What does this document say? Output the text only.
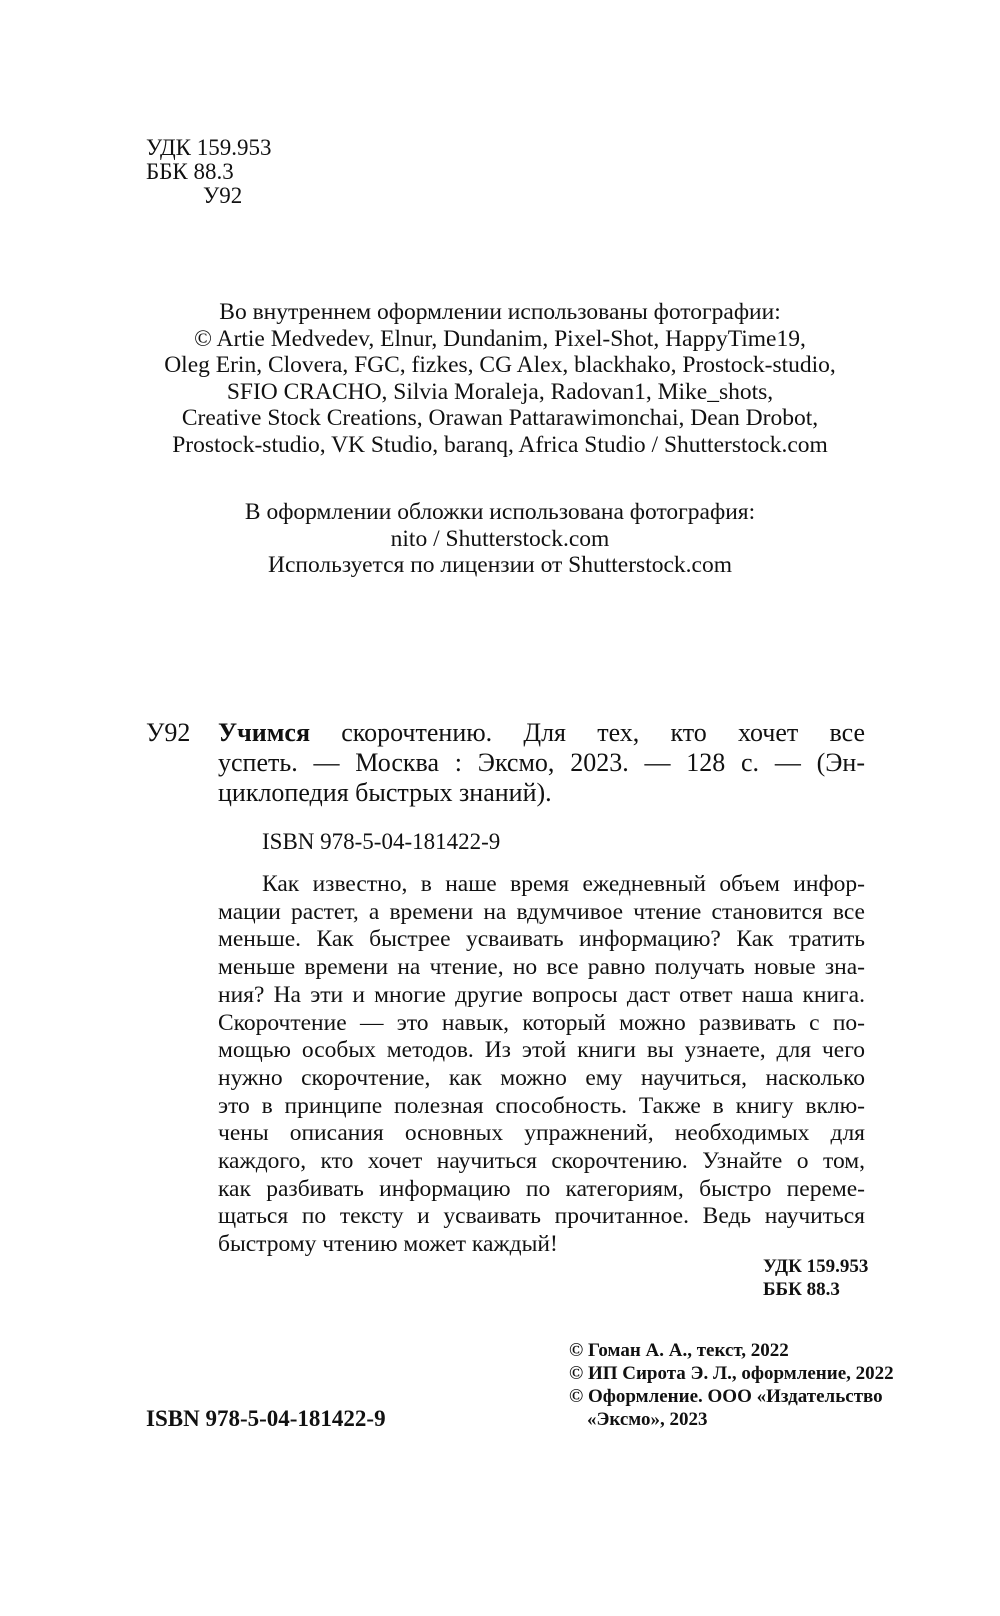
УДК 159.953
ББК 88.3
У92
Во внутреннем оформлении использованы фотографии:
© Artie Medvedev, Elnur, Dundanim, Pixel-Shot, HappyTime19,
Oleg Erin, Clovera, FGC, fizkes, CG Alex, blackhako, Prostock-studio,
SFIO CRACHO, Silvia Moraleja, Radovan1, Mike_shots,
Creative Stock Creations, Orawan Pattarawimonchai, Dean Drobot,
Prostock-studio, VK Studio, baranq, Africa Studio / Shutterstock.com
В оформлении обложки использована фотография:
nito / Shutterstock.com
Используется по лицензии от Shutterstock.com
У92 Учимся скорочтению. Для тех, кто хочет все
успеть. — Москва : Эксмо, 2023. — 128 с. — (Эн-
циклопедия быстрых знаний).
ISBN 978-5-04-181422-9
Как известно, в наше время ежедневный объем инфор-
мации растет, а времени на вдумчивое чтение становится все
меньше. Как быстрее усваивать информацию? Как тратить
меньше времени на чтение, но все равно получать новые зна-
ния? На эти и многие другие вопросы даст ответ наша книга.
Скорочтение — это навык, который можно развивать с по-
мощью особых методов. Из этой книги вы узнаете, для чего
нужно скорочтение, как можно ему научиться, насколько
это в принципе полезная способность. Также в книгу вклю-
чены описания основных упражнений, необходимых для
каждого, кто хочет научиться скорочтению. Узнайте о том,
как разбивать информацию по категориям, быстро переме-
щаться по тексту и усваивать прочитанное. Ведь научиться
быстрому чтению может каждый!
УДК 159.953
ББК 88.3
© Гоман А. А., текст, 2022
© ИП Сирота Э. Л., оформление, 2022
© Оформление. ООО «Издательство
«Эксмо», 2023
ISBN 978-5-04-181422-9
